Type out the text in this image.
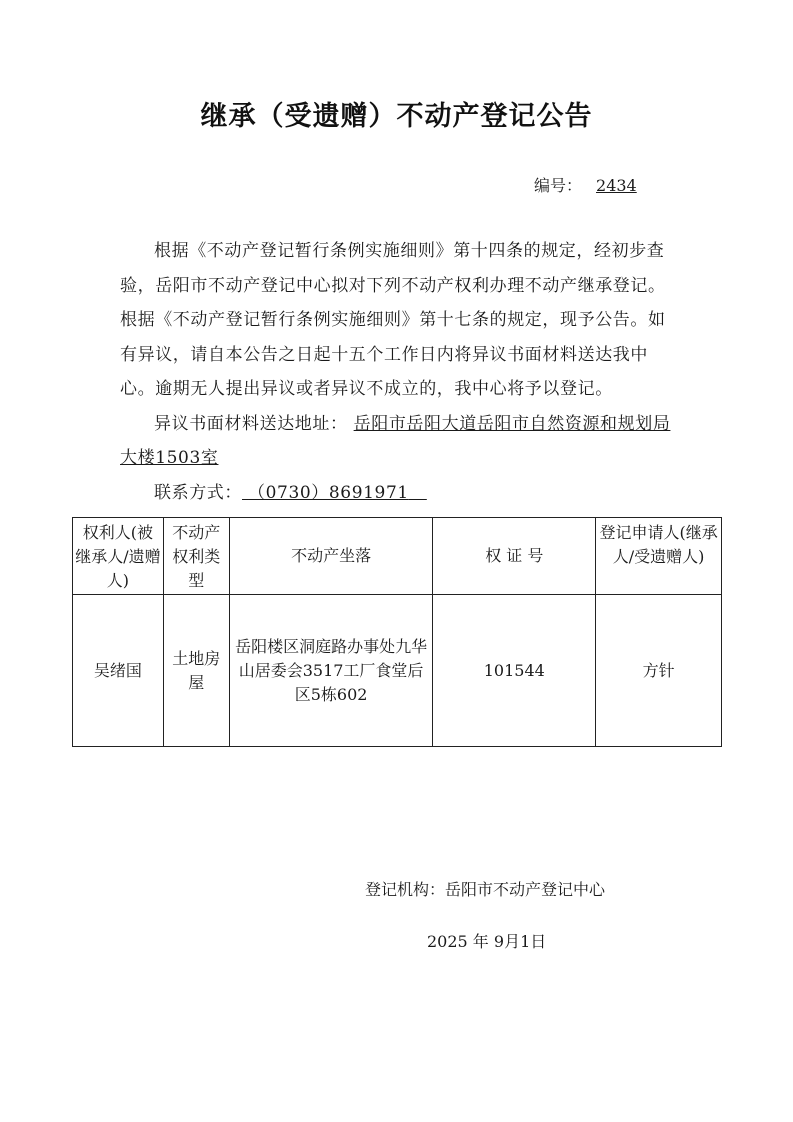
继承（受遗赠）不动产登记公告
编号： 2434

根据《不动产登记暂行条例实施细则》第十四条的规定，经初步查验，岳阳市不动产登记中心拟对下列不动产权利办理不动产继承登记。根据《不动产登记暂行条例实施细则》第十七条的规定，现予公告。如有异议，请自本公告之日起十五个工作日内将异议书面材料送达我中心。逾期无人提出异议或者异议不成立的，我中心将予以登记。

异议书面材料送达地址： 岳阳市岳阳大道岳阳市自然资源和规划局大楼1503室

联系方式： （0730）8691971

权利人(被继承人/遗赠人)	不动产权利类型	不动产坐落	权 证 号	登记申请人(继承人/受遗赠人)
吴绪国	土地房屋	岳阳楼区洞庭路办事处九华山居委会3517工厂食堂后区5栋602	101544	方针
登记机构：岳阳市不动产登记中心
2025 年 9月1日
